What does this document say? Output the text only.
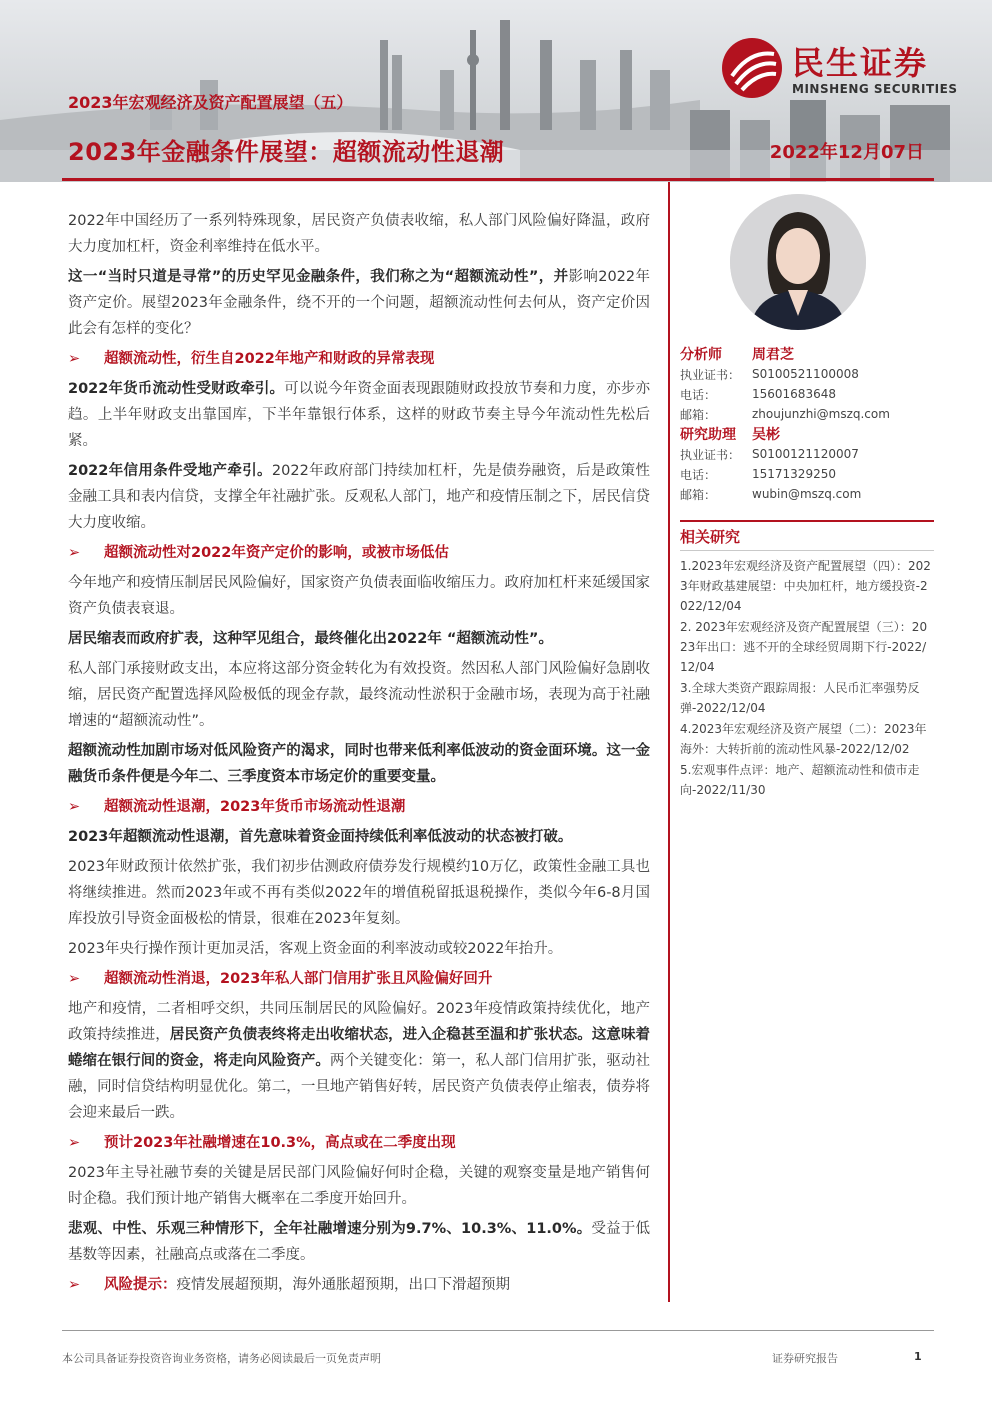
民生证券
MINSHENG SECURITIES
2023年宏观经济及资产配置展望（五）
2023年金融条件展望：超额流动性退潮	2022年12月07日

2022年中国经历了一系列特殊现象，居民资产负债表收缩，私人部门风险偏好降温，政府大力度加杠杆，资金利率维持在低水平。

这一“当时只道是寻常”的历史罕见金融条件，我们称之为“超额流动性”，并影响2022年资产定价。展望2023年金融条件，绕不开的一个问题，超额流动性何去何从，资产定价因此会有怎样的变化？

➢	超额流动性，衍生自2022年地产和财政的异常表现

2022年货币流动性受财政牵引。可以说今年资金面表现跟随财政投放节奏和力度，亦步亦趋。上半年财政支出靠国库，下半年靠银行体系，这样的财政节奏主导今年流动性先松后紧。

2022年信用条件受地产牵引。2022年政府部门持续加杠杆，先是债券融资，后是政策性金融工具和表内信贷，支撑全年社融扩张。反观私人部门，地产和疫情压制之下，居民信贷大力度收缩。

➢	超额流动性对2022年资产定价的影响，或被市场低估

今年地产和疫情压制居民风险偏好，国家资产负债表面临收缩压力。政府加杠杆来延缓国家资产负债表衰退。

居民缩表而政府扩表，这种罕见组合，最终催化出2022年 “超额流动性”。

私人部门承接财政支出，本应将这部分资金转化为有效投资。然因私人部门风险偏好急剧收缩，居民资产配置选择风险极低的现金存款，最终流动性淤积于金融市场，表现为高于社融增速的“超额流动性”。

超额流动性加剧市场对低风险资产的渴求，同时也带来低利率低波动的资金面环境。这一金融货币条件便是今年二、三季度资本市场定价的重要变量。

➢	超额流动性退潮，2023年货币市场流动性退潮

2023年超额流动性退潮，首先意味着资金面持续低利率低波动的状态被打破。

2023年财政预计依然扩张，我们初步估测政府债券发行规模约10万亿，政策性金融工具也将继续推进。然而2023年或不再有类似2022年的增值税留抵退税操作，类似今年6-8月国库投放引导资金面极松的情景，很难在2023年复刻。

2023年央行操作预计更加灵活，客观上资金面的利率波动或较2022年抬升。

➢	超额流动性消退，2023年私人部门信用扩张且风险偏好回升

地产和疫情，二者相呼交织，共同压制居民的风险偏好。2023年疫情政策持续优化，地产政策持续推进，居民资产负债表终将走出收缩状态，进入企稳甚至温和扩张状态。这意味着蜷缩在银行间的资金，将走向风险资产。两个关键变化：第一，私人部门信用扩张，驱动社融，同时信贷结构明显优化。第二，一旦地产销售好转，居民资产负债表停止缩表，债券将会迎来最后一跌。

➢	预计2023年社融增速在10.3%，高点或在二季度出现

2023年主导社融节奏的关键是居民部门风险偏好何时企稳，关键的观察变量是地产销售何时企稳。我们预计地产销售大概率在二季度开始回升。

悲观、中性、乐观三种情形下，全年社融增速分别为9.7%、10.3%、11.0%。受益于低基数等因素，社融高点或落在二季度。

➢	风险提示： 疫情发展超预期，海外通胀超预期，出口下滑超预期

分析师	周君芝
执业证书： S0100521100008
电话：	15601683648
邮箱：	zhoujunzhi@mszq.com
研究助理	吴彬
执业证书： S0100121120007
电话：	15171329250
邮箱：	wubin@mszq.com
相关研究
1.2023年宏观经济及资产配置展望（四）：2023年财政基建展望：中央加杠杆，地方缓投资-2022/12/04
2. 2023年宏观经济及资产配置展望（三）：2023年出口：逃不开的全球经贸周期下行-2022/12/04
3.全球大类资产跟踪周报：人民币汇率强势反弹-2022/12/04
4.2023年宏观经济及资产展望（二）：2023年海外：大转折前的流动性风暴-2022/12/02
5.宏观事件点评：地产、超额流动性和债市走向-2022/11/30
本公司具备证券投资咨询业务资格，请务必阅读最后一页免责声明	证券研究报告	1
